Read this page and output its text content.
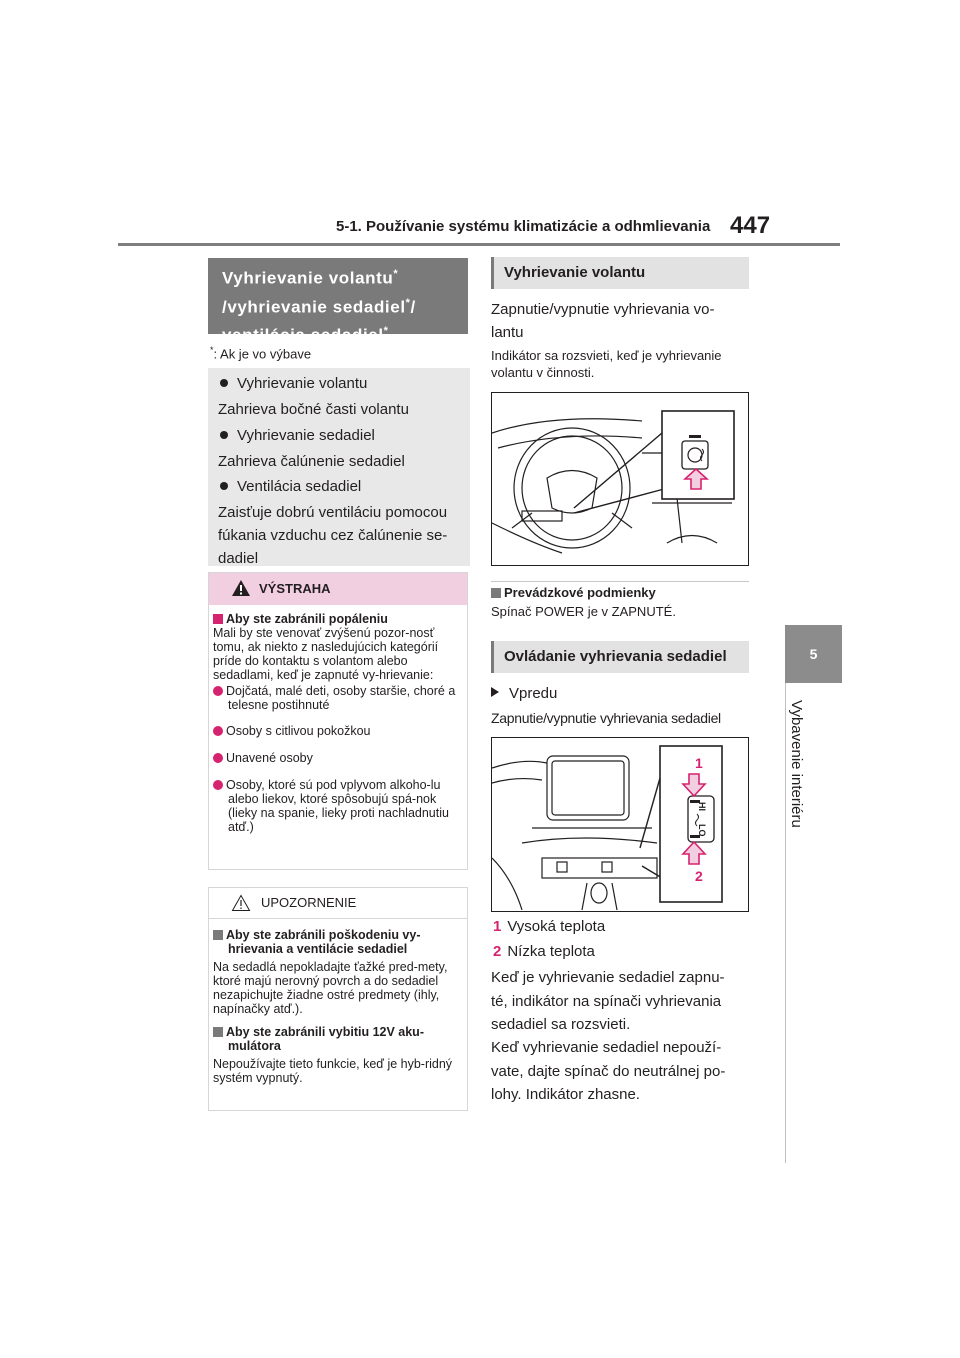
5-1. Používanie systému klimatizácie a odhmlievania 447
5
Vybavenie interiéru
Vyhrievanie volantu*
/vyhrievanie sedadiel*/
ventilácia sedadiel*
*: Ak je vo výbave
Vyhrievanie volantu
Zahrieva bočné časti volantu
Vyhrievanie sedadiel
Zahrieva čalúnenie sedadiel
Ventilácia sedadiel
Zaisťuje dobrú ventiláciu pomocou
fúkania vzduchu cez čalúnenie se-
dadiel
VÝSTRAHA
Aby ste zabránili popáleniu
Mali by ste venovať zvýšenú pozor-nosť tomu, ak niekto z nasledujúcich kategórií príde do kontaktu s volantom alebo sedadlami, keď je zapnuté vy-hrievanie:
Dojčatá, malé deti, osoby staršie, choré a telesne postihnuté
Osoby s citlivou pokožkou
Unavené osoby
Osoby, ktoré sú pod vplyvom alkoho-lu alebo liekov, ktoré spôsobujú spá-nok (lieky na spanie, lieky proti nachladnutiu atď.)
UPOZORNENIE
Aby ste zabránili poškodeniu vy-hrievania a ventilácie sedadiel
Na sedadlá nepokladajte ťažké pred-mety, ktoré majú nerovný povrch a do sedadiel nezapichujte žiadne ostré predmety (ihly, napínačky atď.).
Aby ste zabránili vybitiu 12V aku-mulátora
Nepoužívajte tieto funkcie, keď je hyb-ridný systém vypnutý.
Vyhrievanie volantu
Zapnutie/vypnutie vyhrievania vo-
lantu
Indikátor sa rozsvieti, keď je vyhrievanie
volantu v činnosti.
Prevádzkové podmienky
Spínač POWER je v ZAPNUTÉ.
Ovládanie vyhrievania sedadiel
Vpredu
Zapnutie/vypnutie vyhrievania sedadiel
1
2
HI
LO
1 Vysoká teplota
2 Nízka teplota
Keď je vyhrievanie sedadiel zapnu-
té, indikátor na spínači vyhrievania
sedadiel sa rozsvieti.
Keď vyhrievanie sedadiel nepouží-
vate, dajte spínač do neutrálnej po-
lohy. Indikátor zhasne.
